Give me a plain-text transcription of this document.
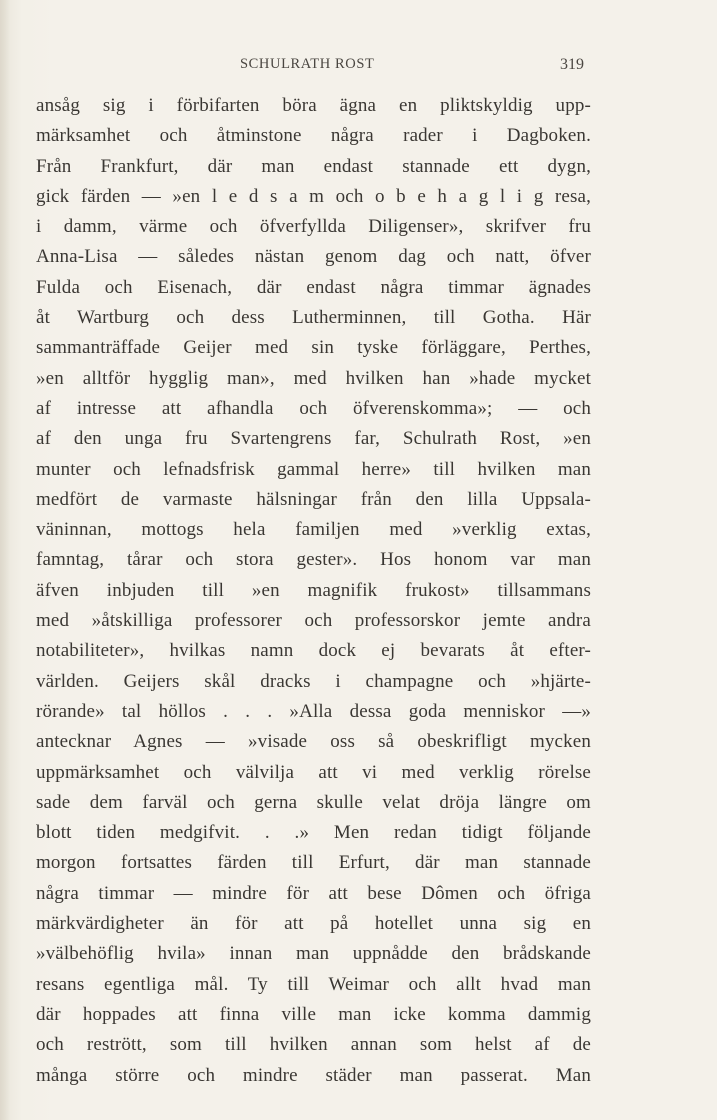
SCHULRATH ROST	319
ansåg sig i förbifarten böra ägna en pliktskyldig upp-
märksamhet och åtminstone några rader i Dagboken.
Från Frankfurt, där man endast stannade ett dygn,
gick färden — »en l e d s a m och o b e h a g l i g resa,
i damm, värme och öfverfyllda Diligenser», skrifver fru
Anna-Lisa — således nästan genom dag och natt, öfver
Fulda och Eisenach, där endast några timmar ägnades
åt Wartburg och dess Lutherminnen, till Gotha. Här
sammanträffade Geijer med sin tyske förläggare, Perthes,
»en alltför hygglig man», med hvilken han »hade mycket
af intresse att afhandla och öfverenskomma»; — och
af den unga fru Svartengrens far, Schulrath Rost, »en
munter och lefnadsfrisk gammal herre» till hvilken man
medfört de varmaste hälsningar från den lilla Uppsala-
väninnan, mottogs hela familjen med »verklig extas,
famntag, tårar och stora gester». Hos honom var man
äfven inbjuden till »en magnifik frukost» tillsammans
med »åtskilliga professorer och professorskor jemte andra
notabiliteter», hvilkas namn dock ej bevarats åt efter-
världen. Geijers skål dracks i champagne och »hjärte-
rörande» tal höllos . . . »Alla dessa goda menniskor —»
antecknar Agnes — »visade oss så obeskrifligt mycken
uppmärksamhet och välvilja att vi med verklig rörelse
sade dem farväl och gerna skulle velat dröja längre om
blott tiden medgifvit. . .» Men redan tidigt följande
morgon fortsattes färden till Erfurt, där man stannade
några timmar — mindre för att bese Dômen och öfriga
märkvärdigheter än för att på hotellet unna sig en
»välbehöflig hvila» innan man uppnådde den brådskande
resans egentliga mål. Ty till Weimar och allt hvad man
där hoppades att finna ville man icke komma dammig
och restrött, som till hvilken annan som helst af de
många större och mindre städer man passerat. Man
